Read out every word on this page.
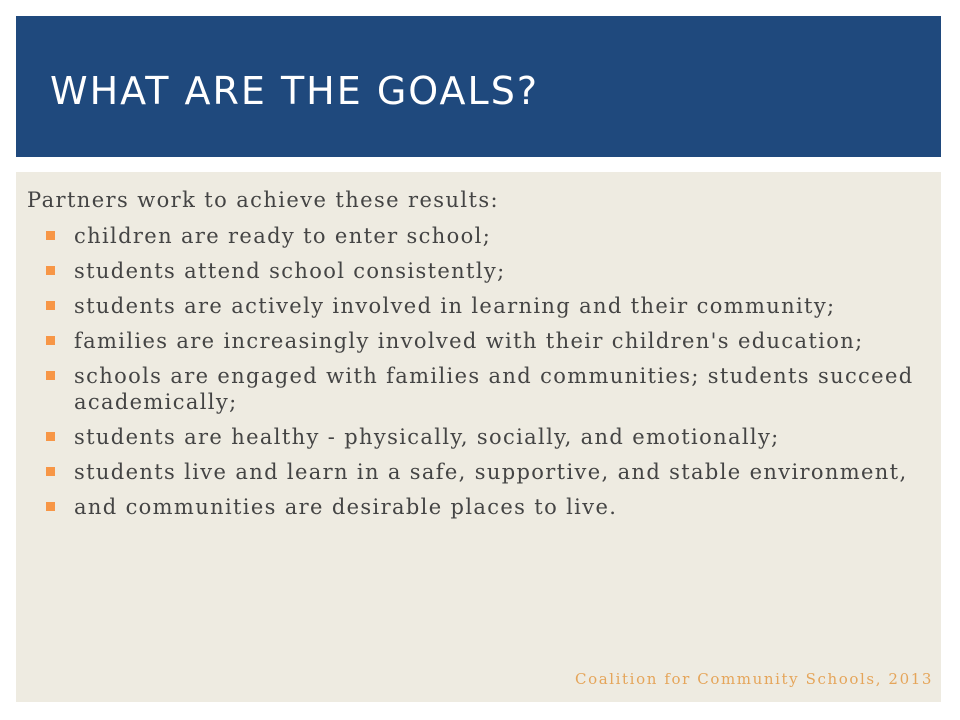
WHAT ARE THE GOALS?

Partners work to achieve these results:

children are ready to enter school;
students attend school consistently;
students are actively involved in learning and their community;
families are increasingly involved with their children's education;
schools are engaged with families and communities; students succeed academically;
students are healthy - physically, socially, and emotionally;
students live and learn in a safe, supportive, and stable environment,
and communities are desirable places to live.

Coalition for Community Schools, 2013
